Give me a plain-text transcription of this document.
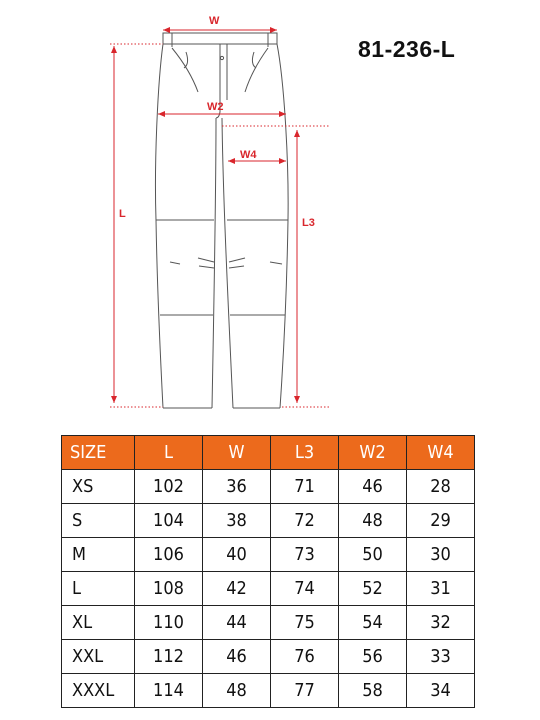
81-236-L
W
W2
W4
L
L3
SIZE	L	W	L3	W2	W4
XS	102	36	71	46	28
S	104	38	72	48	29
M	106	40	73	50	30
L	108	42	74	52	31
XL	110	44	75	54	32
XXL	112	46	76	56	33
XXXL	114	48	77	58	34
